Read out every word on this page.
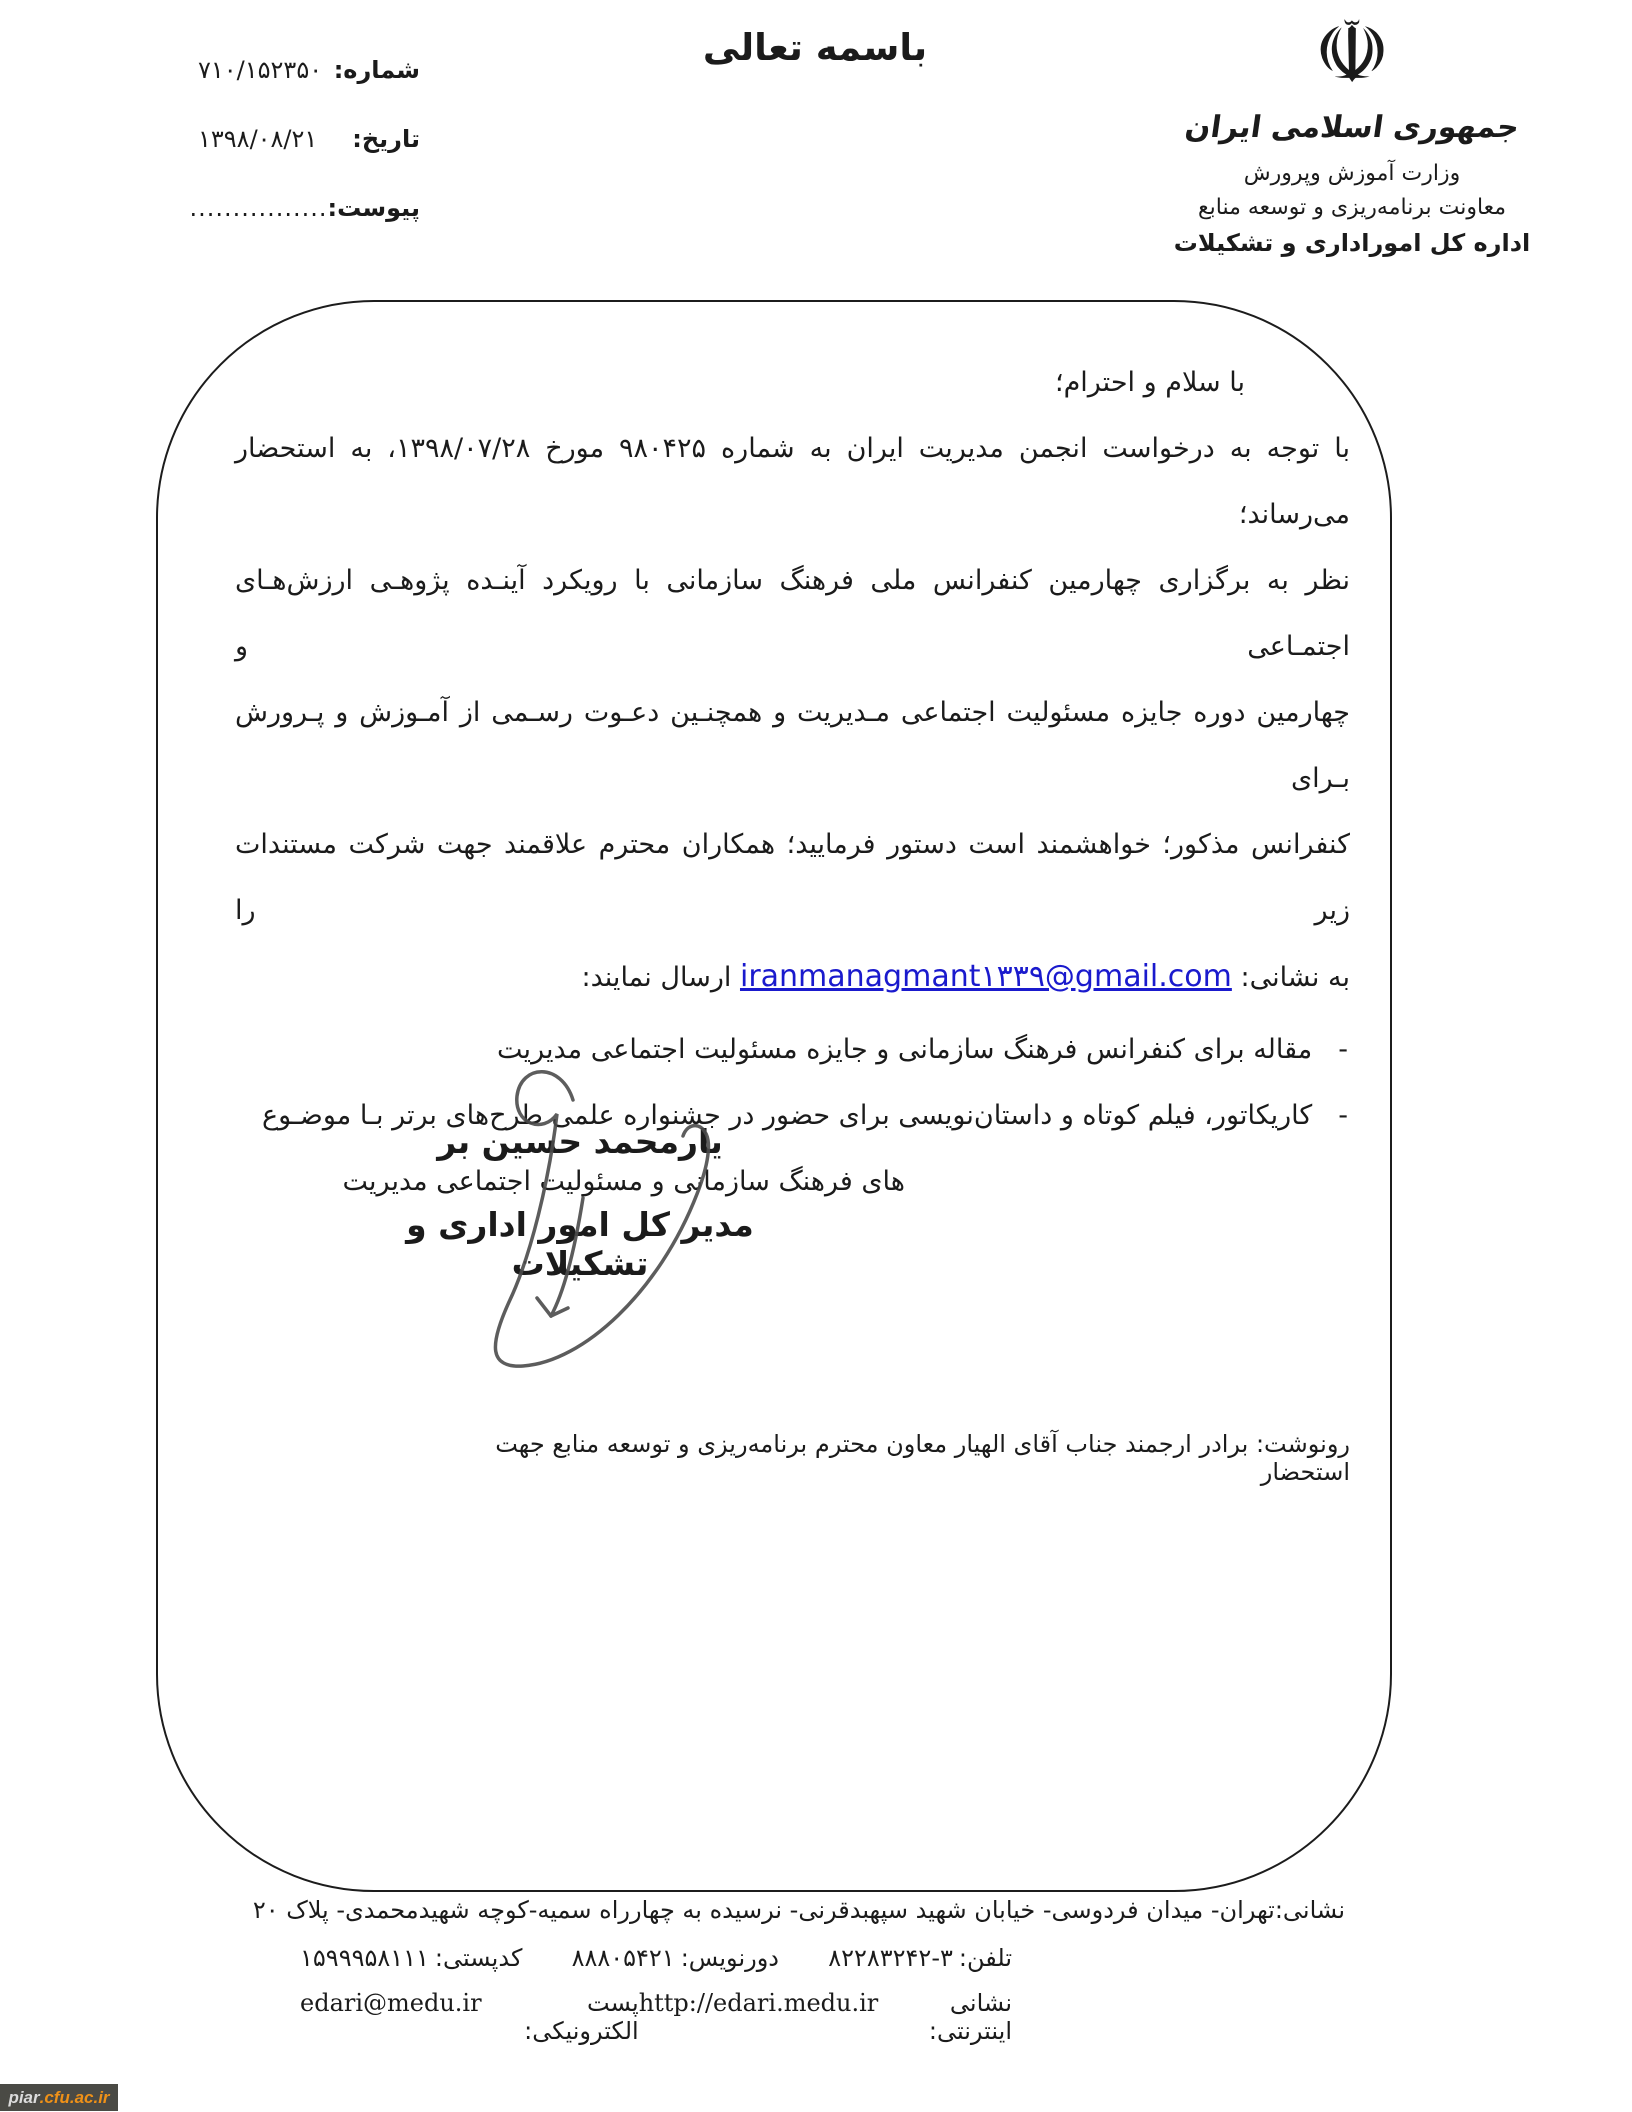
شماره:
۷۱۰/۱۵۲۳۵۰
تاریخ:
۱۳۹۸/۰۸/۲۱
پیوست:
................
باسمه تعالی	☫
جمهوری اسلامی ایران
وزارت آموزش وپرورش
معاونت برنامه‌ریزی و توسعه منابع
اداره کل اموراداری و تشکیلات
با سلام و احترام؛
با توجه به درخواست انجمن مدیریت ایران به شماره ۹۸۰۴۲۵ مورخ ۱۳۹۸/۰۷/۲۸، به استحضار می‌رساند؛
نظر به برگزاری چهارمین کنفرانس ملی فرهنگ سازمانی با رویکرد آینـده پژوهـی ارزش‌هـای اجتمـاعی و
چهارمین دوره جایزه مسئولیت اجتماعی مـدیریت و همچنـین دعـوت رسـمی از آمـوزش و پـرورش بـرای
کنفرانس مذکور؛ خواهشمند است دستور فرمایید؛ همکاران محترم علاقمند جهت شرکت مستندات زیر را
به نشانی: iranmanagmant۱۳۳۹@gmail.com ارسال نمایند:
-
مقاله برای کنفرانس فرهنگ سازمانی و جایزه مسئولیت اجتماعی مدیریت
-
کاریکاتور، فیلم کوتاه و داستان‌نویسی برای حضور در جشنواره علمی طرح‌های برتر بـا موضـوع
های فرهنگ سازمانی و مسئولیت اجتماعی مدیریت
یارمحمد حسین بر
مدیر کل امور اداری و تشکیلات
رونوشت: برادر ارجمند جناب آقای الهیار معاون محترم برنامه‌ریزی و توسعه منابع جهت استحضار
نشانی:تهران- میدان فردوسی- خیابان شهید سپهبدقرنی- نرسیده به چهارراه سمیه-کوچه شهیدمحمدی- پلاک ۲۰
تلفن:
۸۲۲۸۳۲۴۲-۳
دورنویس:
۸۸۸۰۵۴۲۱
کدپستی:
۱۵۹۹۹۵۸۱۱۱
نشانی اینترنتی:
http://edari.medu.ir
پست الکترونیکی:
edari@medu.ir
piar .cfu.ac.ir
